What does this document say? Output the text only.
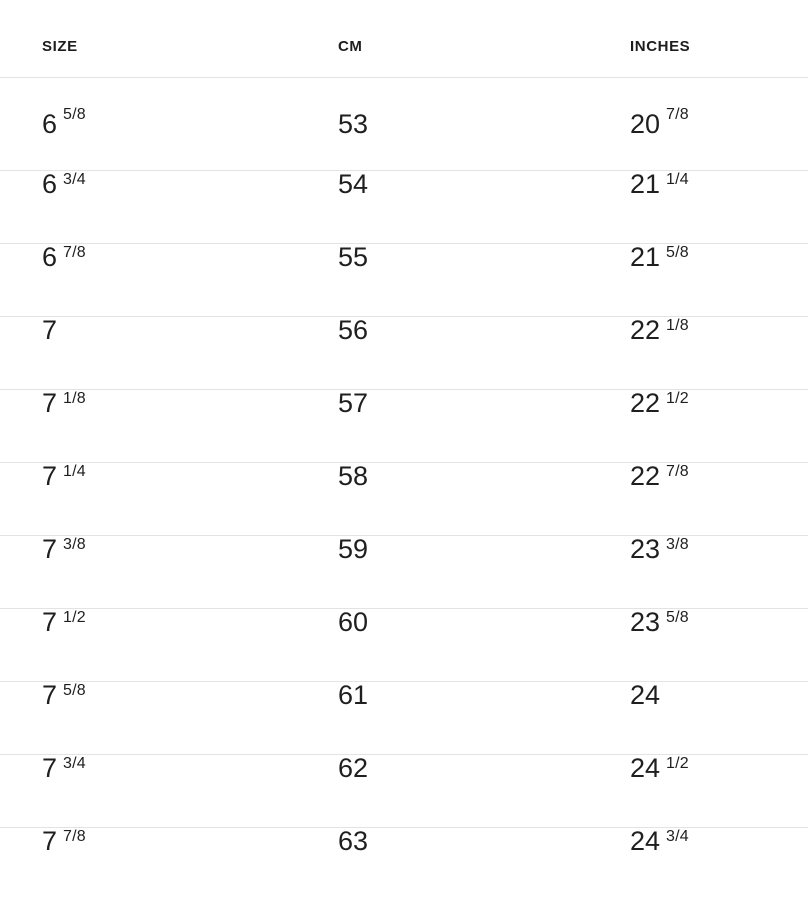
SIZE	CM	INCHES

6 5/8	53	20 7/8

6 3/4	54	21 1/4

6 7/8	55	21 5/8

7	56	22 1/8

7 1/8	57	22 1/2

7 1/4	58	22 7/8

7 3/8	59	23 3/8

7 1/2	60	23 5/8

7 5/8	61	24

7 3/4	62	24 1/2

7 7/8	63	24 3/4
